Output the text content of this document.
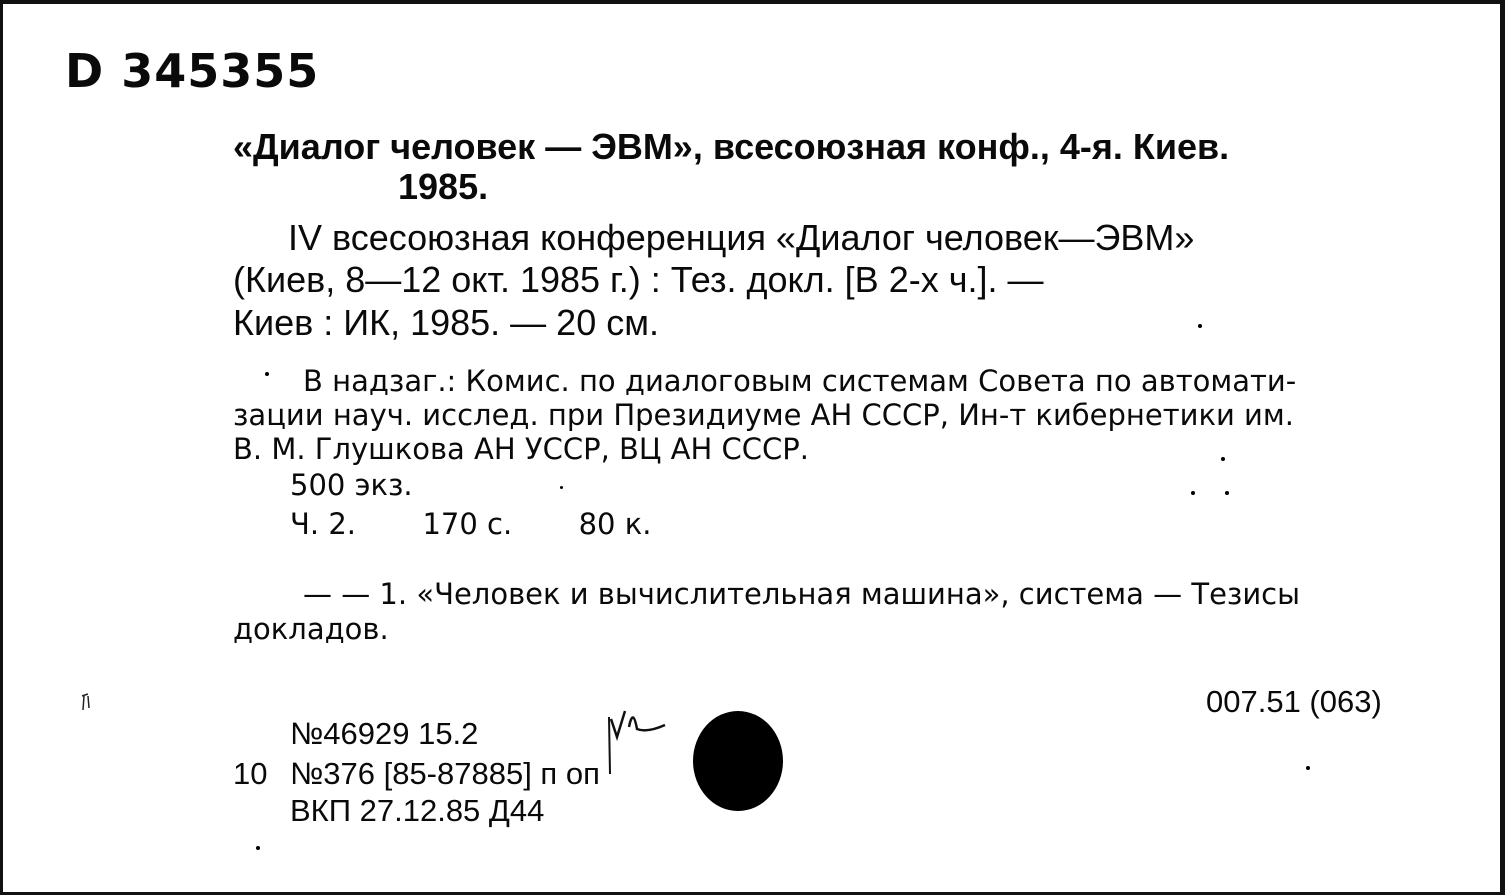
D 345355
«Диалог человек — ЭВМ», всесоюзная конф., 4-я. Киев.
1985.
IV всесоюзная конференция «Диалог человек—ЭВМ»
(Киев, 8—12 окт. 1985 г.) : Тез. докл. [В 2-х ч.]. —
Киев : ИК, 1985. — 20 см.
В надзаг.: Комис. по диалоговым системам Совета по автомати-
зации науч. исслед. при Президиуме АН СССР, Ин-т кибернетики им.
В. М. Глушкова АН УССР, ВЦ АН СССР.
500 экз.
Ч. 2. 170 с. 80 к.
— — 1. «Человек и вычислительная машина», система — Тезисы
докладов.
007.51 (063)
№46929 15.2
10 №376 [85-87885] п оп
ВКП 27.12.85 Д44
